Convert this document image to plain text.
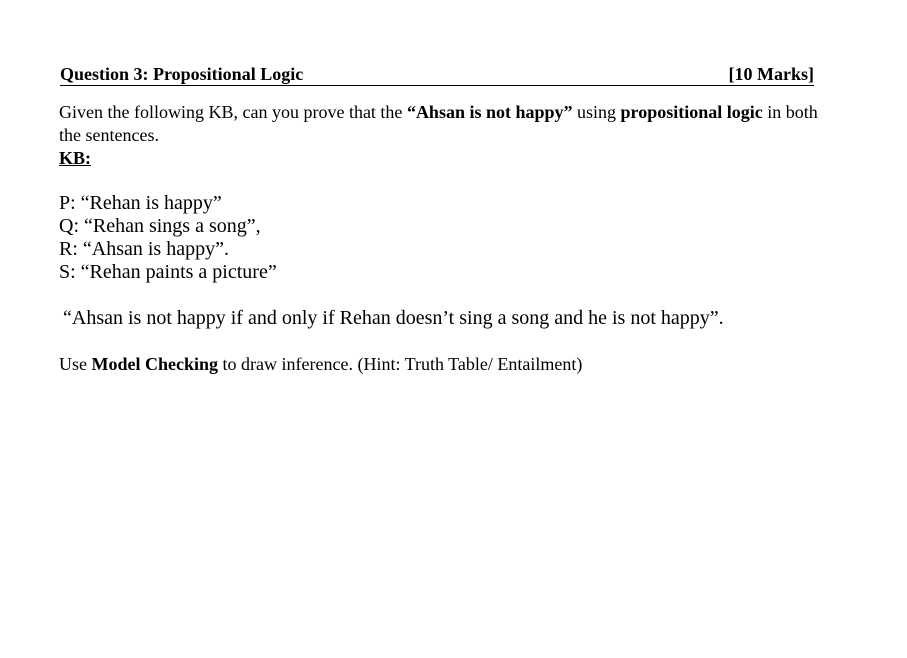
Question 3: Propositional Logic	[10 Marks]
Given the following KB, can you prove that the “Ahsan is not happy” using propositional logic in both the sentences.
KB:
P: “Rehan is happy”
Q: “Rehan sings a song”,
R: “Ahsan is happy”.
S: “Rehan paints a picture”
“Ahsan is not happy if and only if Rehan doesn’t sing a song and he is not happy”.
Use Model Checking to draw inference. (Hint: Truth Table/ Entailment)
